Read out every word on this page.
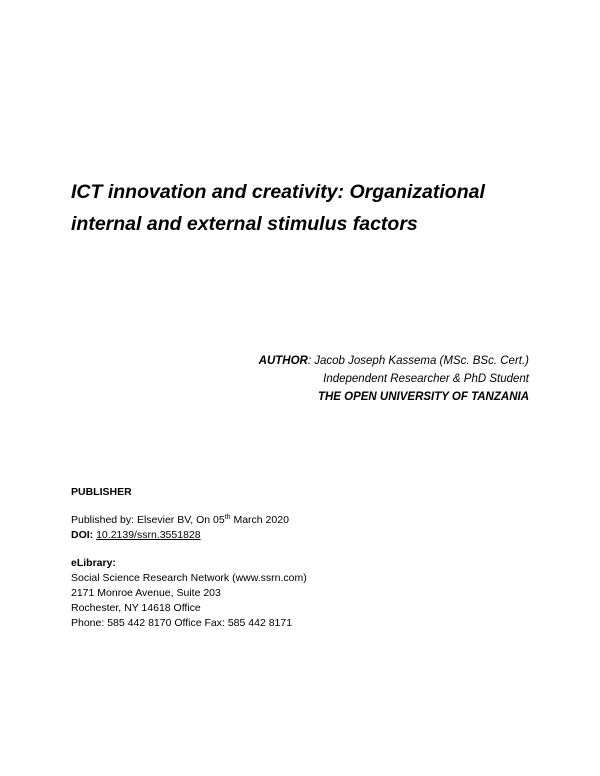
ICT innovation and creativity: Organizational
internal and external stimulus factors
AUTHOR: Jacob Joseph Kassema (MSc. BSc. Cert.)
Independent Researcher & PhD Student
THE OPEN UNIVERSITY OF TANZANIA
PUBLISHER
Published by: Elsevier BV, On 05th March 2020
DOI: 10.2139/ssrn.3551828
eLibrary:
Social Science Research Network (www.ssrn.com)
2171 Monroe Avenue, Suite 203
Rochester, NY 14618 Office
Phone: 585 442 8170 Office Fax: 585 442 8171
